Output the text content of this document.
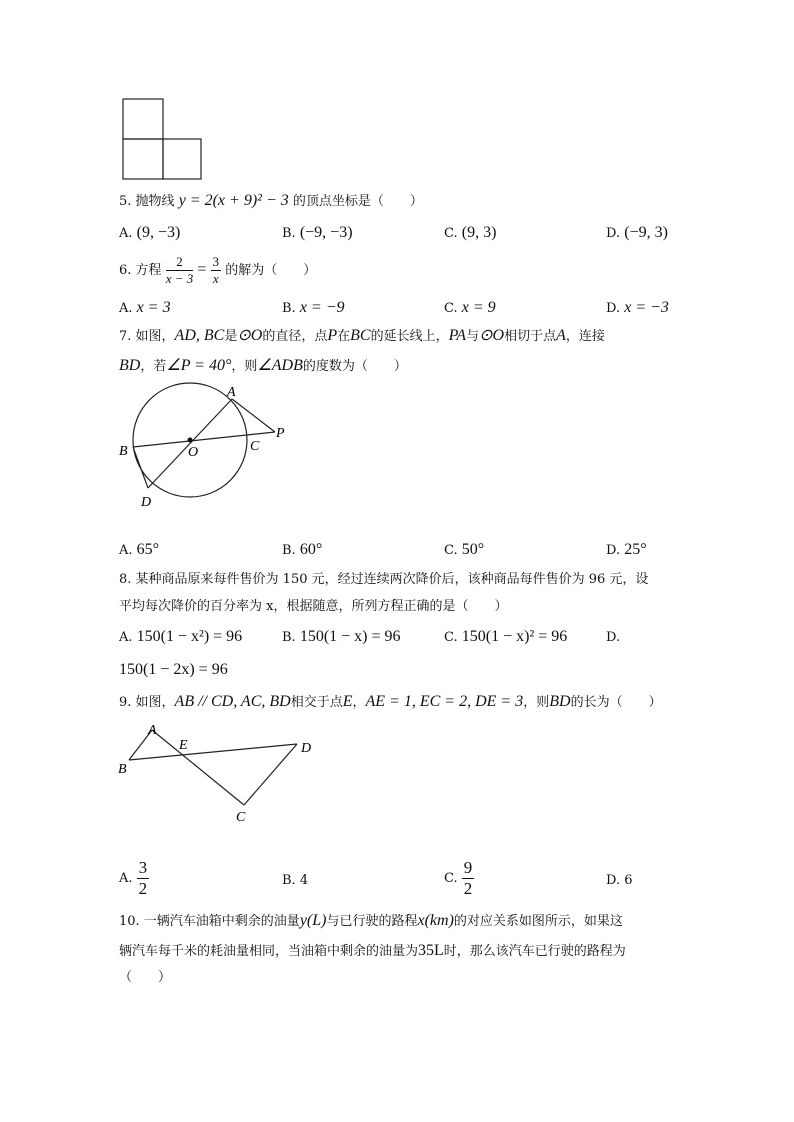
5. 抛物线 y = 2(x + 9)² − 3 的顶点坐标是（　　）
A. (9, −3)	B. (−9, −3)	C. (9, 3)	D. (−9, 3)
6. 方程 $\frac{2}{x - 3} = \frac{3}{x}$ 的解为（　　）
A. x = 3	B. x = −9	C. x = 9	D. x = −3
7. 如图，AD, BC是⊙O的直径，点P在BC的延长线上，PA与⊙O相切于点A，连接
BD，若∠P = 40°，则∠ADB的度数为（　　）
A
B	C
D
O
P
A. 65°	B. 60°	C. 50°	D. 25°
8. 某种商品原来每件售价为 150 元，经过连续两次降价后，该种商品每件售价为 96 元，设
平均每次降价的百分率为 x，根据随意，所列方程正确的是（　　）
A. 150(1 − x²) = 96	B. 150(1 − x) = 96	C. 150(1 − x)² = 96	D.
150(1 − 2x) = 96
9. 如图，AB // CD, AC, BD相交于点E，AE = 1, EC = 2, DE = 3，则BD的长为（　　）
A
B
C
D
E
A. $\frac{3}{2}$	B. 4	C. $\frac{9}{2}$	D. 6
10. 一辆汽车油箱中剩余的油量y(L)与已行驶的路程x(km)的对应关系如图所示，如果这
辆汽车每千米的耗油量相同，当油箱中剩余的油量为35L时，那么该汽车已行驶的路程为
（　　）
